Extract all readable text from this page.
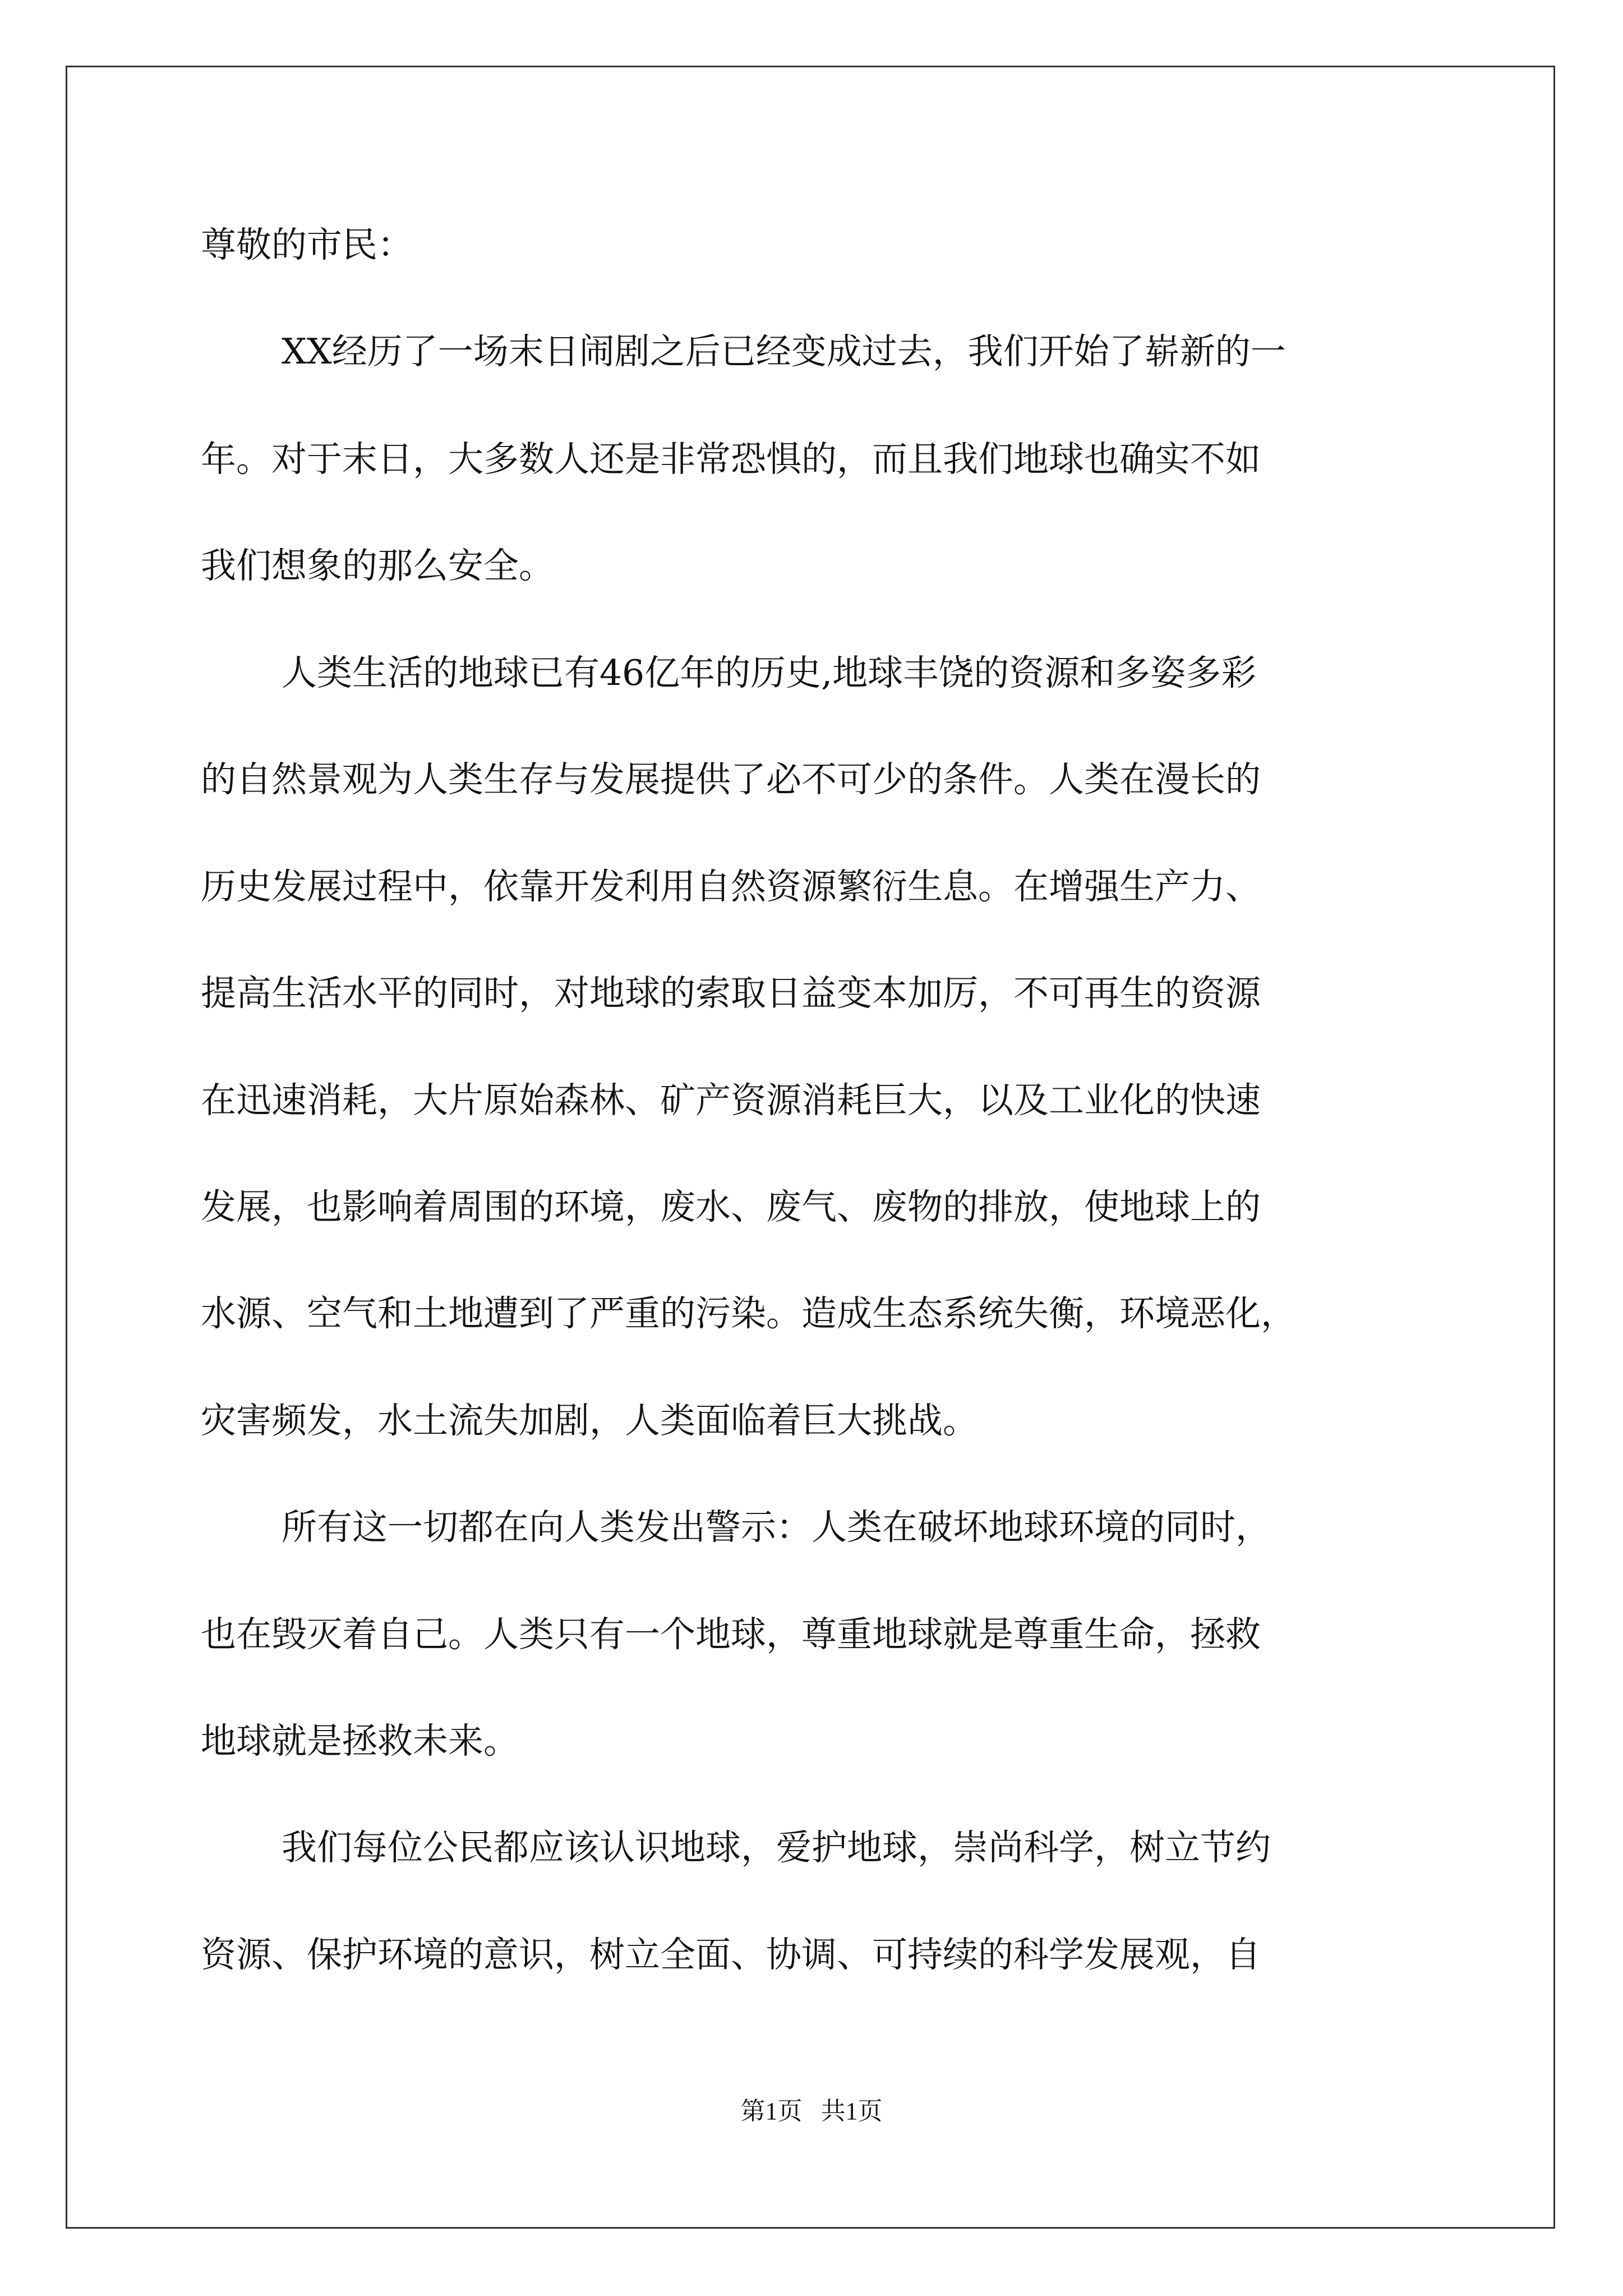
尊敬的市民：

XX经历了一场末日闹剧之后已经变成过去，我们开始了崭新的一

年。对于末日，大多数人还是非常恐惧的，而且我们地球也确实不如

我们想象的那么安全。

人类生活的地球已有46亿年的历史,地球丰饶的资源和多姿多彩

的自然景观为人类生存与发展提供了必不可少的条件。人类在漫长的

历史发展过程中，依靠开发利用自然资源繁衍生息。在增强生产力、

提高生活水平的同时，对地球的索取日益变本加厉，不可再生的资源

在迅速消耗，大片原始森林、矿产资源消耗巨大，以及工业化的快速

发展，也影响着周围的环境，废水、废气、废物的排放，使地球上的

水源、空气和土地遭到了严重的污染。造成生态系统失衡，环境恶化，

灾害频发，水土流失加剧，人类面临着巨大挑战。

所有这一切都在向人类发出警示：人类在破坏地球环境的同时，

也在毁灭着自己。人类只有一个地球，尊重地球就是尊重生命，拯救

地球就是拯救未来。

我们每位公民都应该认识地球，爱护地球，崇尚科学，树立节约

资源、保护环境的意识，树立全面、协调、可持续的科学发展观，自

第1页   共1页
